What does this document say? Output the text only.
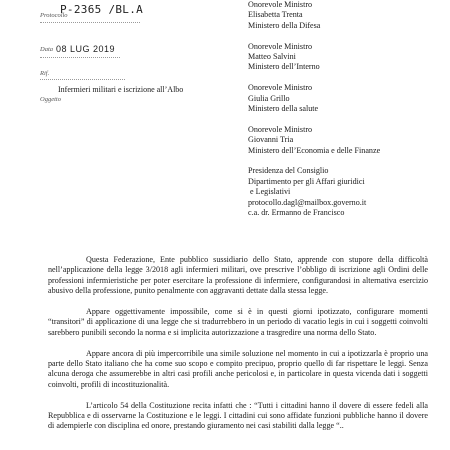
Protocollo
P-2365 /BL.A
Data 08 LUG 2019
Rif.
Oggetto
Infermieri militari e iscrizione all’Albo
Onorevole Ministro
Elisabetta Trenta
Ministero della Difesa
Onorevole Ministro
Matteo Salvini
Ministero dell’Interno
Onorevole Ministro
Giulia Grillo
Ministero della salute
Onorevole Ministro
Giovanni Tria
Ministero dell’Economia e delle Finanze
Presidenza del Consiglio
Dipartimento per gli Affari giuridici
e Legislativi
protocollo.dagl@mailbox.governo.it
c.a. dr. Ermanno de Francisco

Questa Federazione, Ente pubblico sussidiario dello Stato, apprende con stupore della difficoltà nell’applicazione della legge 3/2018 agli infermieri militari, ove prescrive l’obbligo di iscrizione agli Ordini delle professioni infermieristiche per poter esercitare la professione di infermiere, configurandosi in alternativa esercizio abusivo della professione, punito penalmente con aggravanti dettate dalla stessa legge.

Appare oggettivamente impossibile, come si è in questi giorni ipotizzato, configurare momenti “transitori” di applicazione di una legge che si tradurrebbero in un periodo di vacatio legis in cui i soggetti coinvolti sarebbero punibili secondo la norma e si implicita autorizzazione a trasgredire una norma dello Stato.

Appare ancora di più impercorribile una simile soluzione nel momento in cui a ipotizzarla è proprio una parte dello Stato italiano che ha come suo scopo e compito precipuo, proprio quello di far rispettare le leggi. Senza alcuna deroga che assumerebbe in altri casi profili anche pericolosi e, in particolare in questa vicenda dati i soggetti coinvolti, profili di incostituzionalità.

L’articolo 54 della Costituzione recita infatti che : “Tutti i cittadini hanno il dovere di essere fedeli alla Repubblica e di osservarne la Costituzione e le leggi. I cittadini cui sono affidate funzioni pubbliche hanno il dovere di adempierle con disciplina ed onore, prestando giuramento nei casi stabiliti dalla legge “..
